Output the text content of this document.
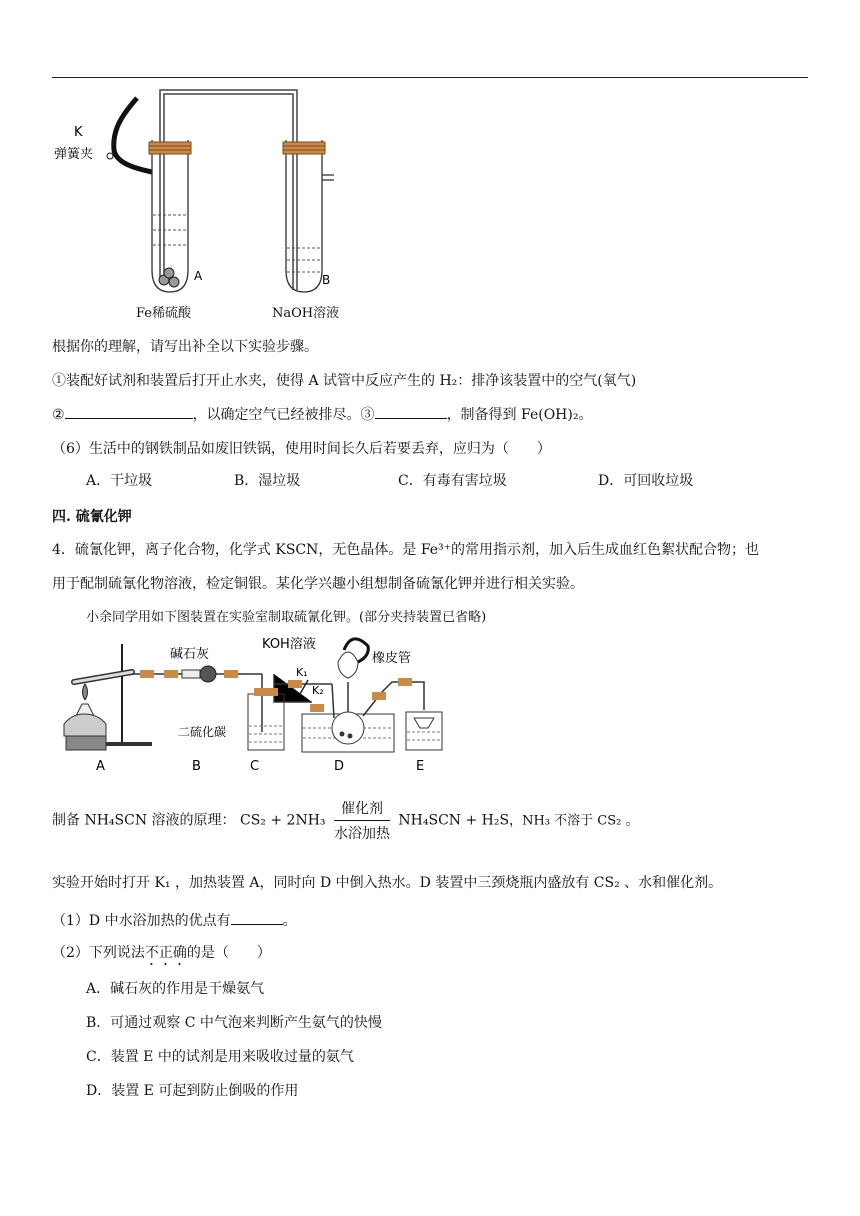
K
弹簧夹
A	B
Fe稀硫酸	NaOH溶液
根据你的理解，请写出补全以下实验步骤。
①装配好试剂和装置后打开止水夹，使得 A 试管中反应产生的 H₂：排净该装置中的空气(氧气)
②	，以确定空气已经被排尽。③	，制备得到 Fe(OH)₂。
（6）生活中的钢铁制品如废旧铁锅，使用时间长久后若要丢弃，应归为（　　）
A．干垃圾	B．湿垃圾	C．有毒有害垃圾	D．可回收垃圾
四. 硫氰化钾
4．硫氰化钾，离子化合物，化学式 KSCN，无色晶体。是 Fe³⁺的常用指示剂，加入后生成血红色絮状配合物；也
用于配制硫氰化物溶液，检定铜银。某化学兴趣小组想制备硫氰化钾并进行相关实验。
小余同学用如下图装置在实验室制取硫氰化钾。(部分夹持装置已省略)
碱石灰
KOH溶液
橡皮管
K₁
K₂
二硫化碳
A	B	C	D	E
制备 NH₄SCN 溶液的原理： $CS_2 + 2NH_3 \frac{\text{催化剂}}{\text{水浴加热}} NH_4SCN + H_2S$，NH₃ 不溶于 CS₂ 。
实验开始时打开 K₁ ，加热装置 A，同时向 D 中倒入热水。D 装置中三颈烧瓶内盛放有 CS₂ 、水和催化剂。
（1）D 中水浴加热的优点有	。
（2）下列说法不正确的是（　　）
A．碱石灰的作用是干燥氨气
B．可通过观察 C 中气泡来判断产生氨气的快慢
C．装置 E 中的试剂是用来吸收过量的氨气
D．装置 E 可起到防止倒吸的作用
